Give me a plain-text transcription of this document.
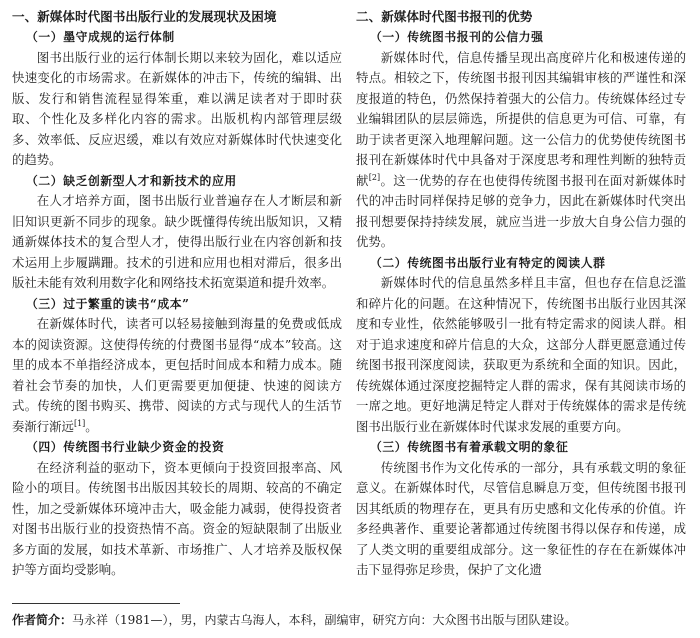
一、新媒体时代图书出版行业的发展现状及困境
（一）墨守成规的运行体制

图书出版行业的运行体制长期以来较为固化，难以适应快速变化的市场需求。在新媒体的冲击下，传统的编辑、出版、发行和销售流程显得笨重，难以满足读者对于即时获取、个性化及多样化内容的需求。出版机构内部管理层级多、效率低、反应迟缓，难以有效应对新媒体时代快速变化的趋势。

（二）缺乏创新型人才和新技术的应用

在人才培养方面，图书出版行业普遍存在人才断层和新旧知识更新不同步的现象。缺少既懂得传统出版知识，又精通新媒体技术的复合型人才，使得出版行业在内容创新和技术运用上步履蹒跚。技术的引进和应用也相对滞后，很多出版社未能有效利用数字化和网络技术拓宽渠道和提升效率。

（三）过于繁重的读书“成本”

在新媒体时代，读者可以轻易接触到海量的免费或低成本的阅读资源。这使得传统的付费图书显得“成本”较高。这里的成本不单指经济成本，更包括时间成本和精力成本。随着社会节奏的加快，人们更需要更加便捷、快速的阅读方式。传统的图书购买、携带、阅读的方式与现代人的生活节奏渐行渐远[1]。

（四）传统图书行业缺少资金的投资

在经济利益的驱动下，资本更倾向于投资回报率高、风险小的项目。传统图书出版因其较长的周期、较高的不确定性，加之受新媒体环境冲击大，吸金能力减弱，使得投资者对图书出版行业的投资热情不高。资金的短缺限制了出版业多方面的发展，如技术革新、市场推广、人才培养及版权保护等方面均受影响。

二、新媒体时代图书报刊的优势
（一）传统图书报刊的公信力强

新媒体时代，信息传播呈现出高度碎片化和极速传递的特点。相较之下，传统图书报刊因其编辑审核的严谨性和深度报道的特色，仍然保持着强大的公信力。传统媒体经过专业编辑团队的层层筛选，所提供的信息更为可信、可靠，有助于读者更深入地理解问题。这一公信力的优势使传统图书报刊在新媒体时代中具备对于深度思考和理性判断的独特贡献[2]。这一优势的存在也使得传统图书报刊在面对新媒体时代的冲击时同样保持足够的竞争力，因此在新媒体时代突出报刊想要保持持续发展，就应当进一步放大自身公信力强的优势。

（二）传统图书出版行业有特定的阅读人群

新媒体时代的信息虽然多样且丰富，但也存在信息泛滥和碎片化的问题。在这种情况下，传统图书出版行业因其深度和专业性，依然能够吸引一批有特定需求的阅读人群。相对于追求速度和碎片信息的大众，这部分人群更愿意通过传统图书报刊深度阅读，获取更为系统和全面的知识。因此，传统媒体通过深度挖掘特定人群的需求，保有其阅读市场的一席之地。更好地满足特定人群对于传统媒体的需求是传统图书出版行业在新媒体时代谋求发展的重要方向。

（三）传统图书有着承载文明的象征

传统图书作为文化传承的一部分，具有承载文明的象征意义。在新媒体时代，尽管信息瞬息万变，但传统图书报刊因其纸质的物理存在，更具有历史感和文化传承的价值。许多经典著作、重要论著都通过传统图书得以保存和传递，成了人类文明的重要组成部分。这一象征性的存在在新媒体冲击下显得弥足珍贵，保护了文化遗

作者简介：马永祥（1981—），男，内蒙古乌海人，本科，副编审，研究方向：大众图书出版与团队建设。
